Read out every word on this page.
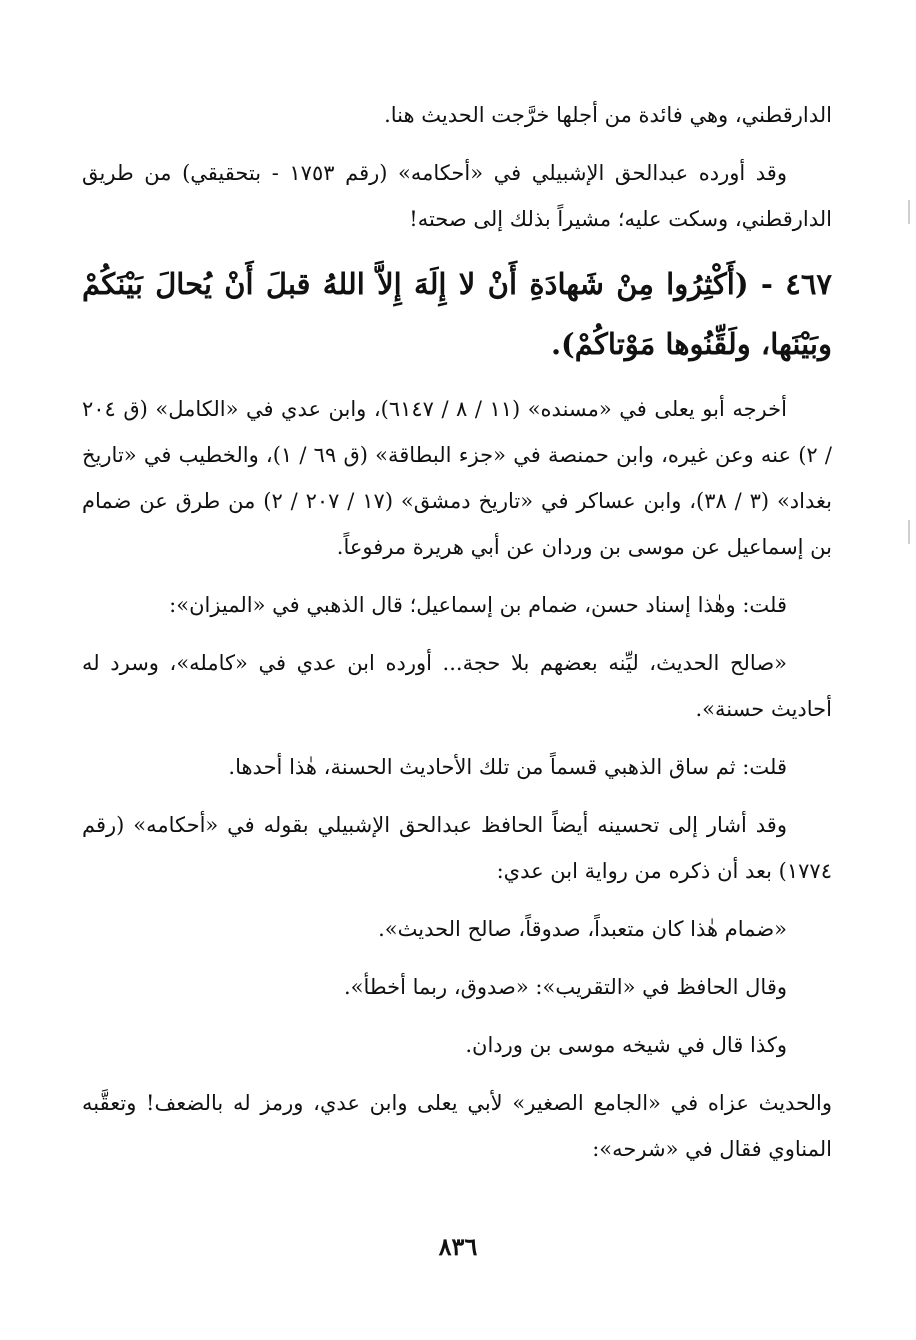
الدارقطني، وهي فائدة من أجلها خرَّجت الحديث هنا.

وقد أورده عبدالحق الإشبيلي في «أحكامه» (رقم ١٧٥٣ - بتحقيقي) من طريق الدارقطني، وسكت عليه؛ مشيراً بذلك إلى صحته!

٤٦٧ - (أَكْثِرُوا مِنْ شَهادَةِ أَنْ لا إِلَهَ إِلاَّ اللهُ قبلَ أَنْ يُحالَ بَيْنَكُمْ وبَيْنَها، ولَقِّنُوها مَوْتاكُمْ).

أخرجه أبو يعلى في «مسنده» (١١ / ٨ / ٦١٤٧)، وابن عدي في «الكامل» (ق ٢٠٤ / ٢) عنه وعن غيره، وابن حمنصة في «جزء البطاقة» (ق ٦٩ / ١)، والخطيب في «تاريخ بغداد» (٣ / ٣٨)، وابن عساكر في «تاريخ دمشق» (١٧ / ٢٠٧ / ٢) من طرق عن ضمام بن إسماعيل عن موسى بن وردان عن أبي هريرة مرفوعاً.

قلت: وهٰذا إسناد حسن، ضمام بن إسماعيل؛ قال الذهبي في «الميزان»:

«صالح الحديث، ليِّنه بعضهم بلا حجة... أورده ابن عدي في «كامله»، وسرد له أحاديث حسنة».

قلت: ثم ساق الذهبي قسماً من تلك الأحاديث الحسنة، هٰذا أحدها.

وقد أشار إلى تحسينه أيضاً الحافظ عبدالحق الإشبيلي بقوله في «أحكامه» (رقم ١٧٧٤) بعد أن ذكره من رواية ابن عدي:

«ضمام هٰذا كان متعبداً، صدوقاً، صالح الحديث».

وقال الحافظ في «التقريب»: «صدوق، ربما أخطأ».

وكذا قال في شيخه موسى بن وردان.

والحديث عزاه في «الجامع الصغير» لأبي يعلى وابن عدي، ورمز له بالضعف! وتعقَّبه المناوي فقال في «شرحه»:

٨٣٦
